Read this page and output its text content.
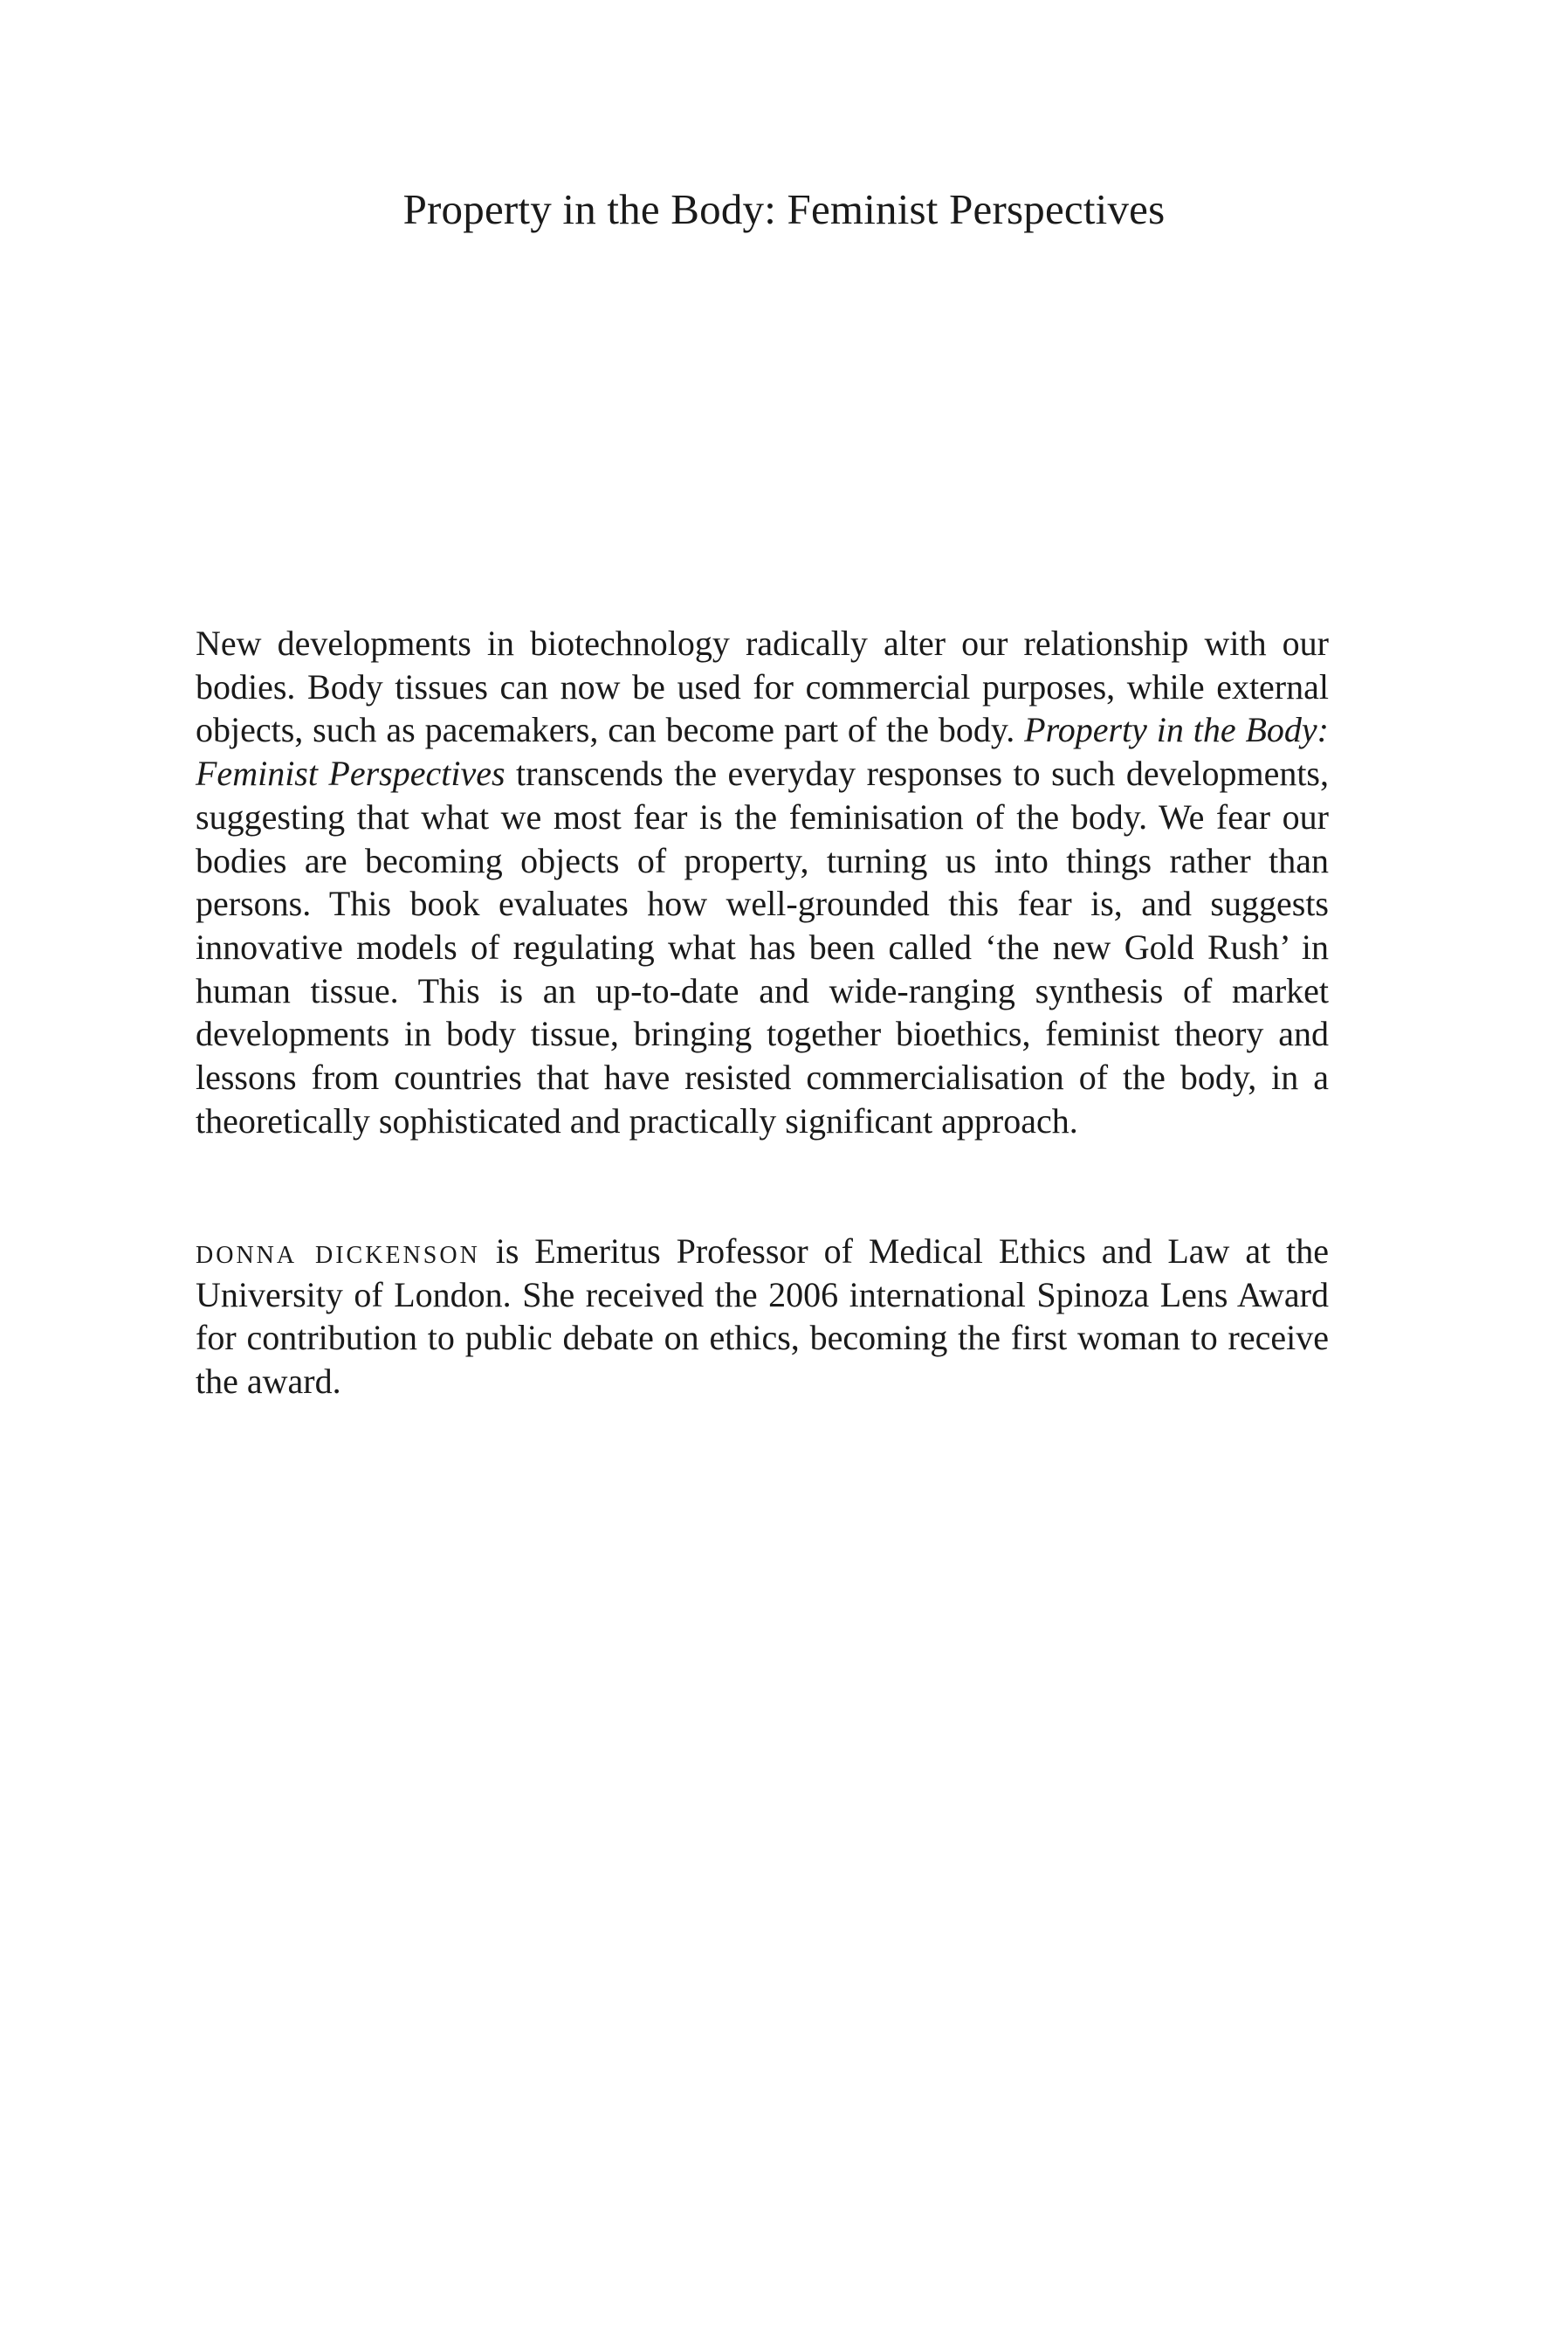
Property in the Body: Feminist Perspectives

New developments in biotechnology radically alter our relationship with our bodies. Body tissues can now be used for commercial purposes, while external objects, such as pacemakers, can become part of the body. Property in the Body: Feminist Perspectives transcends the everyday responses to such developments, suggesting that what we most fear is the feminisation of the body. We fear our bodies are becoming objects of property, turning us into things rather than persons. This book evaluates how well-grounded this fear is, and suggests innovative models of regulating what has been called ‘the new Gold Rush’ in human tissue. This is an up-to-date and wide-ranging synthesis of market developments in body tissue, bringing together bioethics, feminist theory and lessons from countries that have resisted commercialisation of the body, in a theoretically sophisticated and practically significant approach.

donna dickenson is Emeritus Professor of Medical Ethics and Law at the University of London. She received the 2006 international Spinoza Lens Award for contribution to public debate on ethics, becoming the first woman to receive the award.
